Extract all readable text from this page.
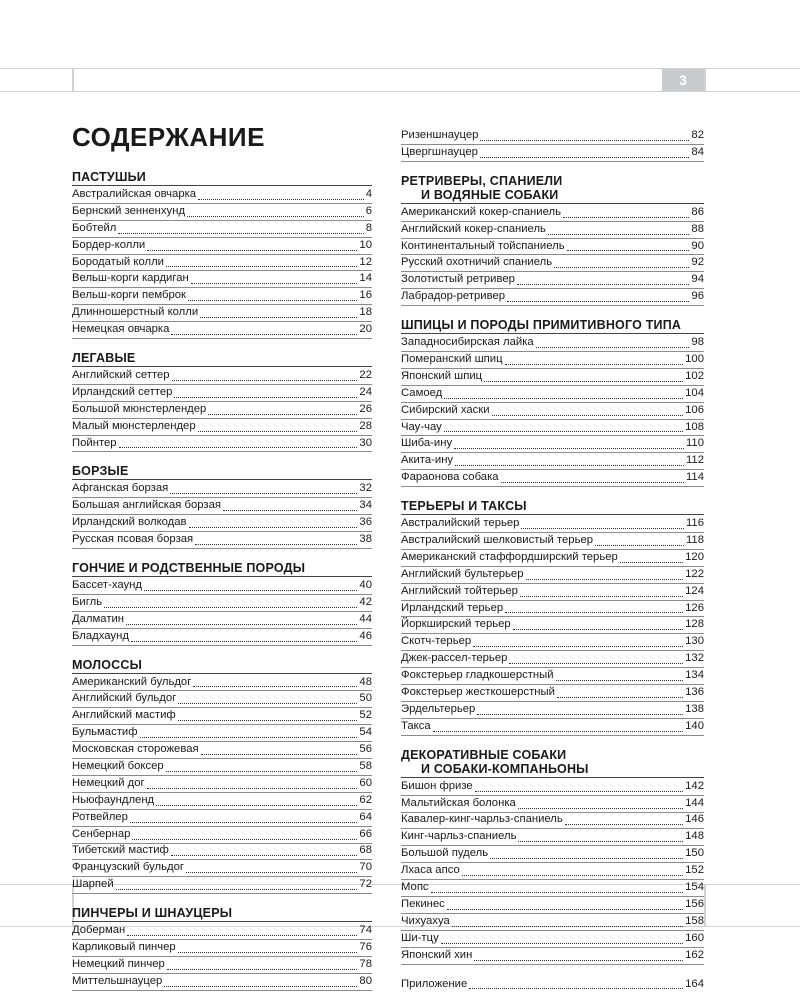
3
СОДЕРЖАНИЕ
ПАСТУШЬИ
Австралийская овчарка	4
Бернский зенненхунд	6
Бобтейл	8
Бордер-колли	10
Бородатый колли	12
Вельш-корги кардиган	14
Вельш-корги пемброк	16
Длинношерстный колли	18
Немецкая овчарка	20
ЛЕГАВЫЕ
Английский сеттер	22
Ирландский сеттер	24
Большой мюнстерлендер	26
Малый мюнстерлендер	28
Пойнтер	30
БОРЗЫЕ
Афганская борзая	32
Большая английская борзая	34
Ирландский волкодав	36
Русская псовая борзая	38
ГОНЧИЕ И РОДСТВЕННЫЕ ПОРОДЫ
Бассет-хаунд	40
Бигль	42
Далматин	44
Бладхаунд	46
МОЛОССЫ
Американский бульдог	48
Английский бульдог	50
Английский мастиф	52
Бульмастиф	54
Московская сторожевая	56
Немецкий боксер	58
Немецкий дог	60
Ньюфаундленд	62
Ротвейлер	64
Сенбернар	66
Тибетский мастиф	68
Французский бульдог	70
Шарпей	72
ПИНЧЕРЫ И ШНАУЦЕРЫ
Доберман	74
Карликовый пинчер	76
Немецкий пинчер	78
Миттельшнауцер	80
Ризеншнауцер	82
Цвергшнауцер	84
РЕТРИВЕРЫ, СПАНИЕЛИ
И ВОДЯНЫЕ СОБАКИ
Американский кокер-спаниель	86
Английский кокер-спаниель	88
Континентальный тойспаниель	90
Русский охотничий спаниель	92
Золотистый ретривер	94
Лабрадор-ретривер	96
ШПИЦЫ И ПОРОДЫ ПРИМИТИВНОГО ТИПА
Западносибирская лайка	98
Померанский шпиц	100
Японский шпиц	102
Самоед	104
Сибирский хаски	106
Чау-чау	108
Шиба-ину	110
Акита-ину	112
Фараонова собака	114
ТЕРЬЕРЫ И ТАКСЫ
Австралийский терьер	116
Австралийский шелковистый терьер	118
Американский стаффордширский терьер	120
Английский бультерьер	122
Английский тойтерьер	124
Ирландский терьер	126
Йоркширский терьер	128
Скотч-терьер	130
Джек-рассел-терьер	132
Фокстерьер гладкошерстный	134
Фокстерьер жесткошерстный	136
Эрдельтерьер	138
Такса	140
ДЕКОРАТИВНЫЕ СОБАКИ
И СОБАКИ-КОМПАНЬОНЫ
Бишон фризе	142
Мальтийская болонка	144
Кавалер-кинг-чарльз-спаниель	146
Кинг-чарльз-спаниель	148
Большой пудель	150
Лхаса апсо	152
Мопс	154
Пекинес	156
Чихуахуа	158
Ши-тцу	160
Японский хин	162
Приложение	164
